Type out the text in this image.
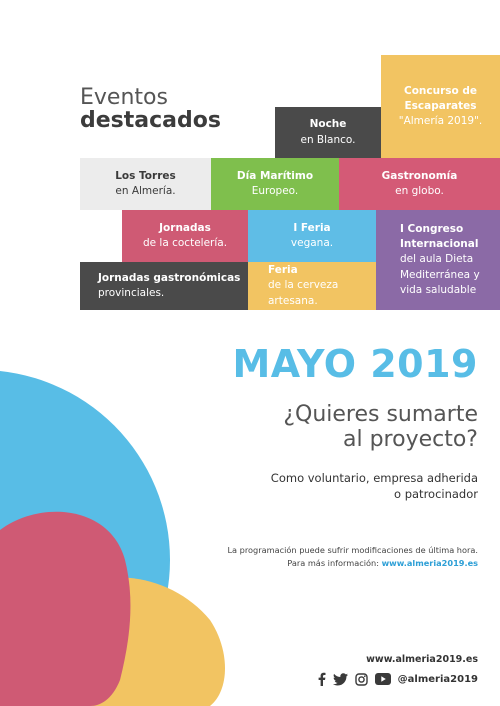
Eventos
destacados
Concurso de Escaparates
"Almería 2019".
Noche
en Blanco.
Los Torres
en Almería.
Día Marítimo
Europeo.
Gastronomía
en globo.
Jornadas
de la coctelería.
I Feria
vegana.
I Congreso Internacional
del aula Dieta Mediterránea y vida saludable
Jornadas gastronómicas
provinciales.
Feria
de la cerveza artesana.
MAYO 2019
¿Quieres sumarte
al proyecto?
Como voluntario, empresa adherida
o patrocinador
La programación puede sufrir modificaciones de última hora.
Para más información: www.almeria2019.es
www.almeria2019.es
@almeria2019
